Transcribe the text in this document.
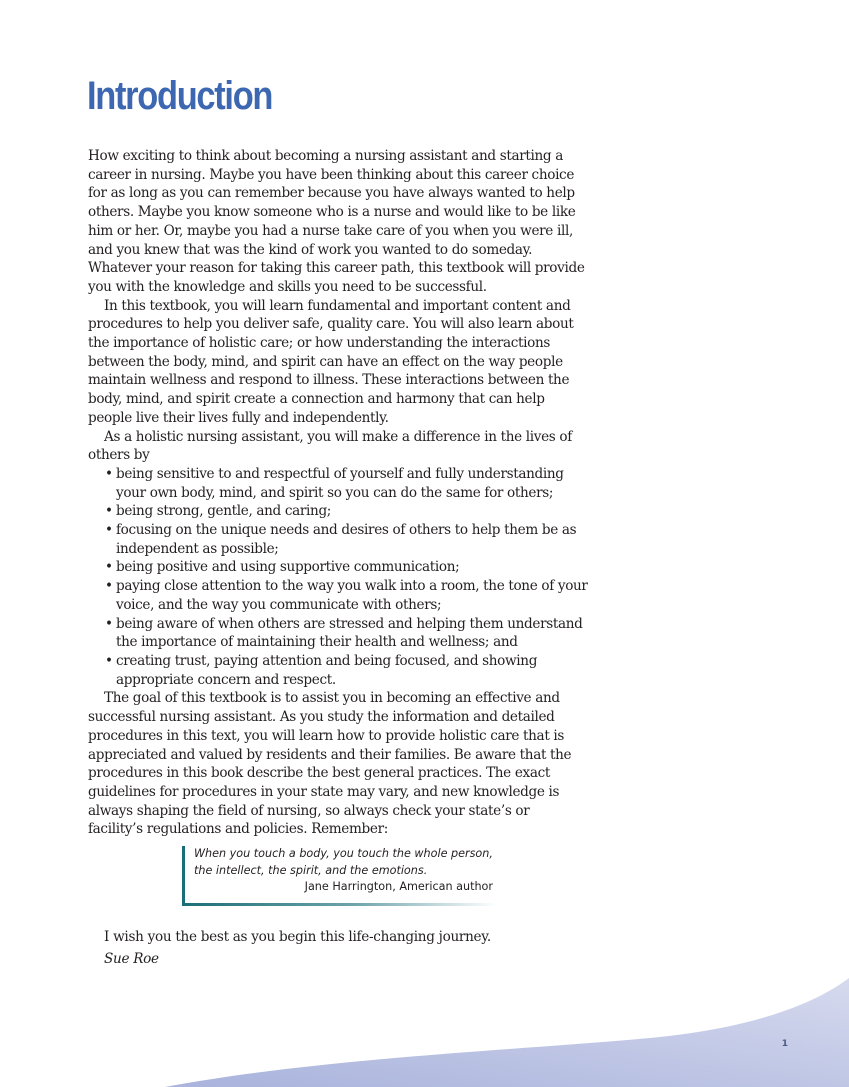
Introduction

How exciting to think about becoming a nursing assistant and starting a career in nursing. Maybe you have been thinking about this career choice for as long as you can remember because you have always wanted to help others. Maybe you know someone who is a nurse and would like to be like him or her. Or, maybe you had a nurse take care of you when you were ill, and you knew that was the kind of work you wanted to do someday. Whatever your reason for taking this career path, this textbook will provide you with the knowledge and skills you need to be successful.

In this textbook, you will learn fundamental and important content and procedures to help you deliver safe, quality care. You will also learn about the importance of holistic care; or how understanding the interactions between the body, mind, and spirit can have an effect on the way people maintain wellness and respond to illness. These interactions between the body, mind, and spirit create a connection and harmony that can help people live their lives fully and independently.

As a holistic nursing assistant, you will make a difference in the lives of others by

• being sensitive to and respectful of yourself and fully understanding your own body, mind, and spirit so you can do the same for others;
• being strong, gentle, and caring;
• focusing on the unique needs and desires of others to help them be as independent as possible;
• being positive and using supportive communication;
• paying close attention to the way you walk into a room, the tone of your voice, and the way you communicate with others;
• being aware of when others are stressed and helping them understand the importance of maintaining their health and wellness; and
• creating trust, paying attention and being focused, and showing appropriate concern and respect.

The goal of this textbook is to assist you in becoming an effective and successful nursing assistant. As you study the information and detailed procedures in this text, you will learn how to provide holistic care that is appreciated and valued by residents and their families. Be aware that the procedures in this book describe the best general practices. The exact guidelines for procedures in your state may vary, and new knowledge is always shaping the field of nursing, so always check your state’s or facility’s regulations and policies. Remember:

When you touch a body, you touch the whole person,
the intellect, the spirit, and the emotions.
Jane Harrington, American author
I wish you the best as you begin this life-changing journey.
Sue Roe
1
